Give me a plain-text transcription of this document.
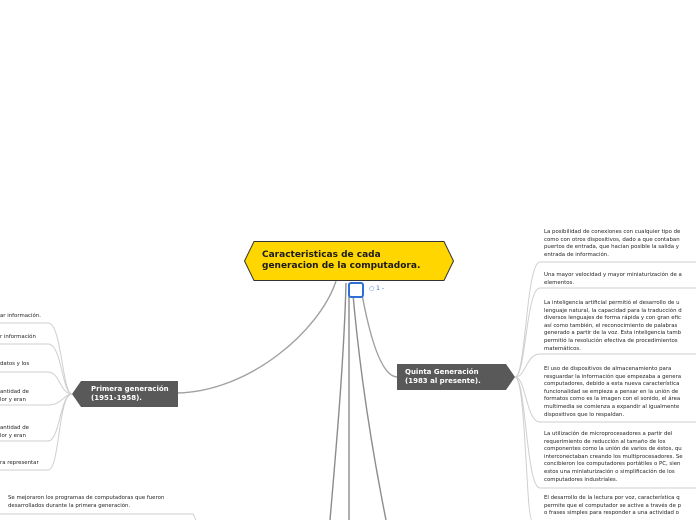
Caracteristicas de cada
generacion de la computadora.
○ 1 -
Primera generación
(1951-1958).
ar información.
r información
datos y los
antidad de
lor y eran
antidad de
lor y eran
ra representar
Se mejoraron los programas de computadoras que fueron
desarrollados durante la primera generación.
Quinta Generación
(1983 al presente).
La posibilidad de conexiones con cualquier tipo de
como con otros dispositivos, dado a que contaban
puertos de entrada, que hacían posible la salida y
entrada de información.
Una mayor velocidad y mayor miniaturización de a
elementos.
La inteligencia artificial permitió el desarrollo de u
lenguaje natural, la capacidad para la traducción d
diversos lenguajes de forma rápida y con gran efic
así como también, el reconocimiento de palabras
generado a partir de la voz. Esta inteligencia tamb
permitió la resolución efectiva de procedimientos
matemáticos.
El uso de dispositivos de almacenamiento para
resguardar la información que empezaba a genera
computadores, debido a esta nueva característica
funcionalidad se empieza a pensar en la unión de
formatos como es la imagen con el sonido, el área
multimedia se comienza a expandir al igualmente
dispositivos que lo respaldan.
La utilización de microprocesadores a partir del
requerimiento de reducción al tamaño de los
componentes como la unión de varios de éstos, qu
interconectaban creando los multiprocesadores. Se
concibieron los computadores portátiles o PC, sien
estos una miniaturización o simplificación de los
computadores industriales.
El desarrollo de la lectura por voz, característica q
permite que el computador se active a través de p
o frases simples para responder a una actividad o
